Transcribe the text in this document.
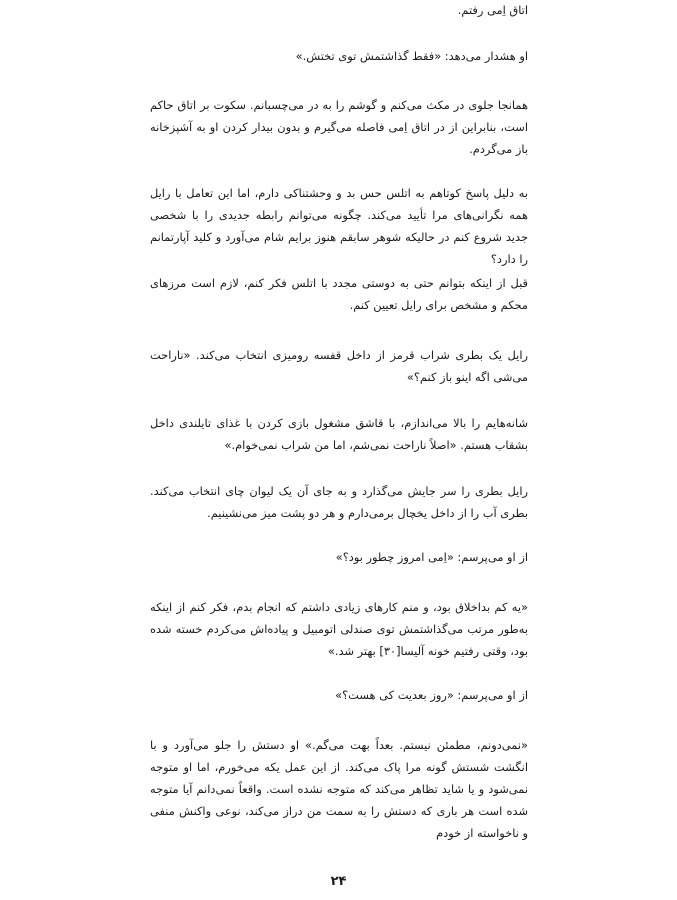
اتاق اِمی رفتم.

او هشدار می‌دهد: «فقط گذاشتمش توی تختش.»

همانجا جلوی در مکث می‌کنم و گوشم را به در می‌چسبانم. سکوت بر اتاق حاکم است، بنابراین از در اتاق اِمی فاصله می‌گیرم و بدون بیدار کردن او به آشپزخانه باز می‌گردم.

به دلیل پاسخ کوتاهم به اتلس حس بد و وحشتناکی دارم، اما این تعامل با رایل همه نگرانی‌های مرا تأیید می‌کند. چگونه می‌توانم رابطه جدیدی را با شخصی جدید شروع کنم در حالیکه شوهر سابقم هنوز برایم شام می‌آورد و کلید آپارتمانم را دارد؟

قبل از اینکه بتوانم حتی به دوستی مجدد با اتلس فکر کنم، لازم است مرزهای محکم و مشخص برای رایل تعیین کنم.

رایل یک بطری شراب قرمز از داخل قفسه رومیزی انتخاب می‌کند. «ناراحت می‌شی اگه اینو باز کنم؟»

شانه‌هایم را بالا می‌اندازم، با قاشق مشغول بازی کردن با غذای تایلندی داخل بشقاب هستم. «اصلاً ناراحت نمی‌شم، اما من شراب نمی‌خوام.»

رایل بطری را سر جایش می‌گذارد و به جای آن یک لیوان چای انتخاب می‌کند. بطری آب را از داخل یخچال برمی‌دارم و هر دو پشت میز می‌نشینیم.

از او می‌پرسم: «اِمی امروز چطور بود؟»

«یه کم بداخلاق بود، و منم کارهای زیادی داشتم که انجام بدم، فکر کنم از اینکه به‌طور مرتب می‌گذاشتمش توی صندلی اتومبیل و پیاده‌اش می‌کردم خسته شده بود، وقتی رفتیم خونه آلیسا[۳۰] بهتر شد.»

از او می‌پرسم: «روز بعدیت کی هست؟»

«نمی‌دونم، مطمئن نیستم. بعداً بهت می‌گم.» او دستش را جلو می‌آورد و با انگشت شستش گونه مرا پاک می‌کند. از این عمل یکه می‌خورم، اما او متوجه نمی‌شود و یا شاید تظاهر می‌کند که متوجه نشده است. واقعاً نمی‌دانم آیا متوجه شده است هر باری که دستش را به سمت من دراز می‌کند، نوعی واکنش منفی و ناخواسته از خودم

۲۴
